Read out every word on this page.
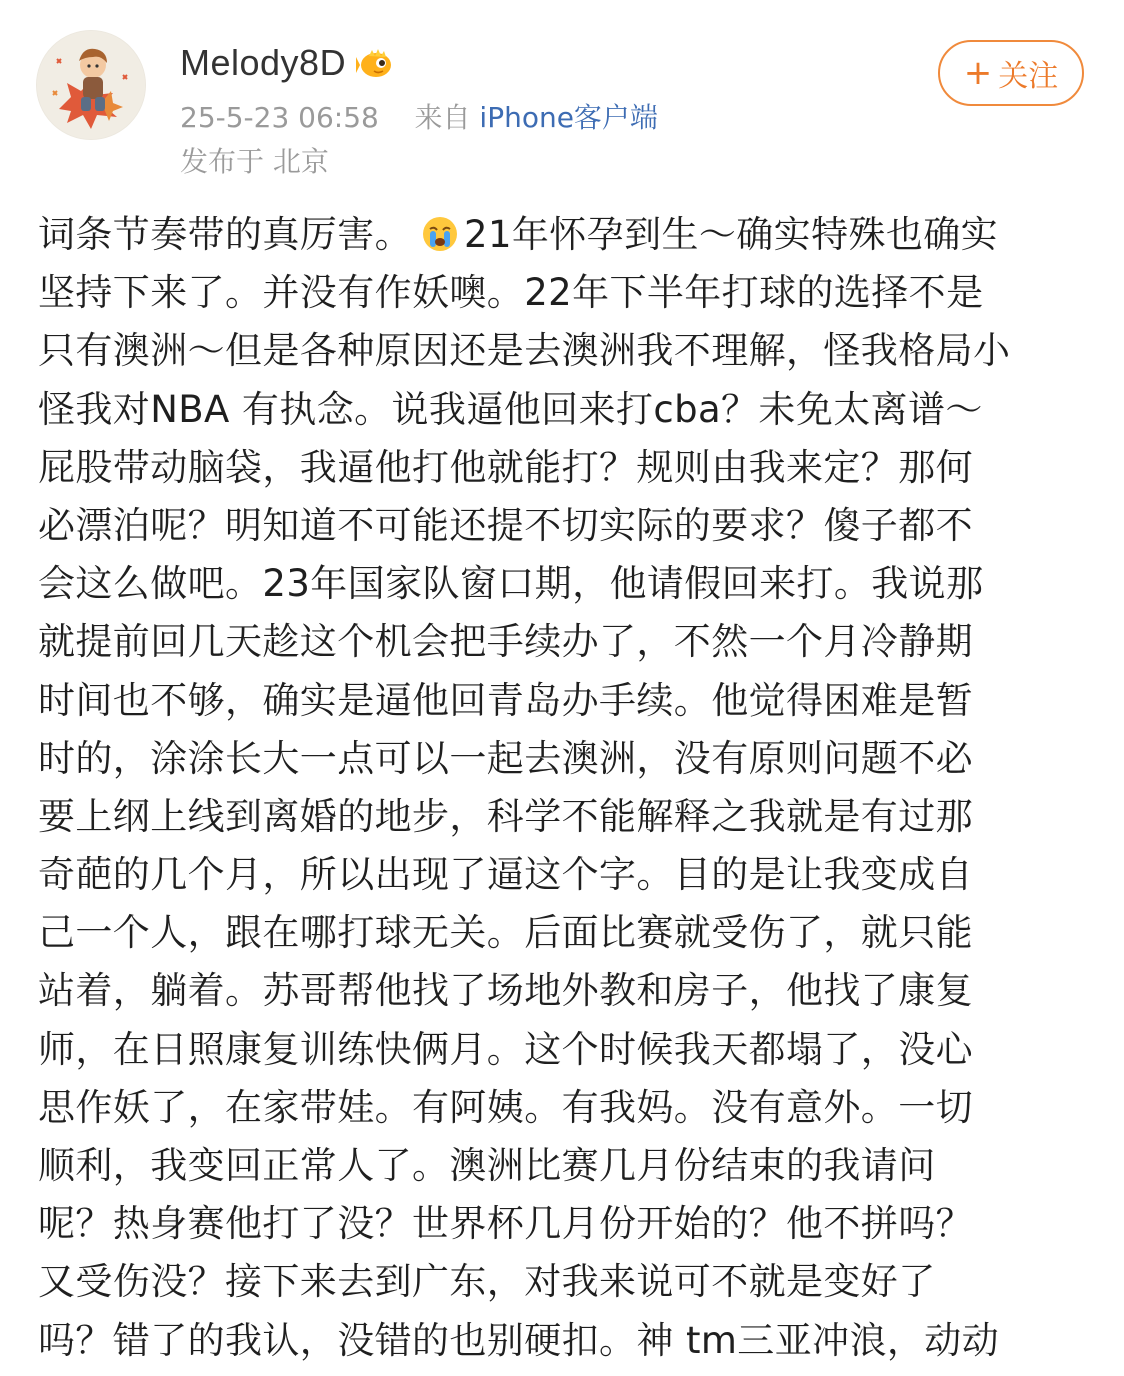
Melody8D
25-5-23 06:58 来自 iPhone客户端
发布于 北京
+ 关注
词条节奏带的真厉害。 21年怀孕到生～确实特殊也确实
坚持下来了。并没有作妖噢。22年下半年打球的选择不是
只有澳洲～但是各种原因还是去澳洲我不理解，怪我格局小
怪我对NBA 有执念。说我逼他回来打cba？未免太离谱～
屁股带动脑袋，我逼他打他就能打？规则由我来定？那何
必漂泊呢？明知道不可能还提不切实际的要求？傻子都不
会这么做吧。23年国家队窗口期，他请假回来打。我说那
就提前回几天趁这个机会把手续办了，不然一个月冷静期
时间也不够，确实是逼他回青岛办手续。他觉得困难是暂
时的，涂涂长大一点可以一起去澳洲，没有原则问题不必
要上纲上线到离婚的地步，科学不能解释之我就是有过那
奇葩的几个月，所以出现了逼这个字。目的是让我变成自
己一个人，跟在哪打球无关。后面比赛就受伤了，就只能
站着，躺着。苏哥帮他找了场地外教和房子，他找了康复
师，在日照康复训练快俩月。这个时候我天都塌了，没心
思作妖了，在家带娃。有阿姨。有我妈。没有意外。一切
顺利，我变回正常人了。澳洲比赛几月份结束的我请问
呢？热身赛他打了没？世界杯几月份开始的？他不拼吗？
又受伤没？接下来去到广东，对我来说可不就是变好了
吗？错了的我认，没错的也别硬扣。神 tm三亚冲浪，动动
